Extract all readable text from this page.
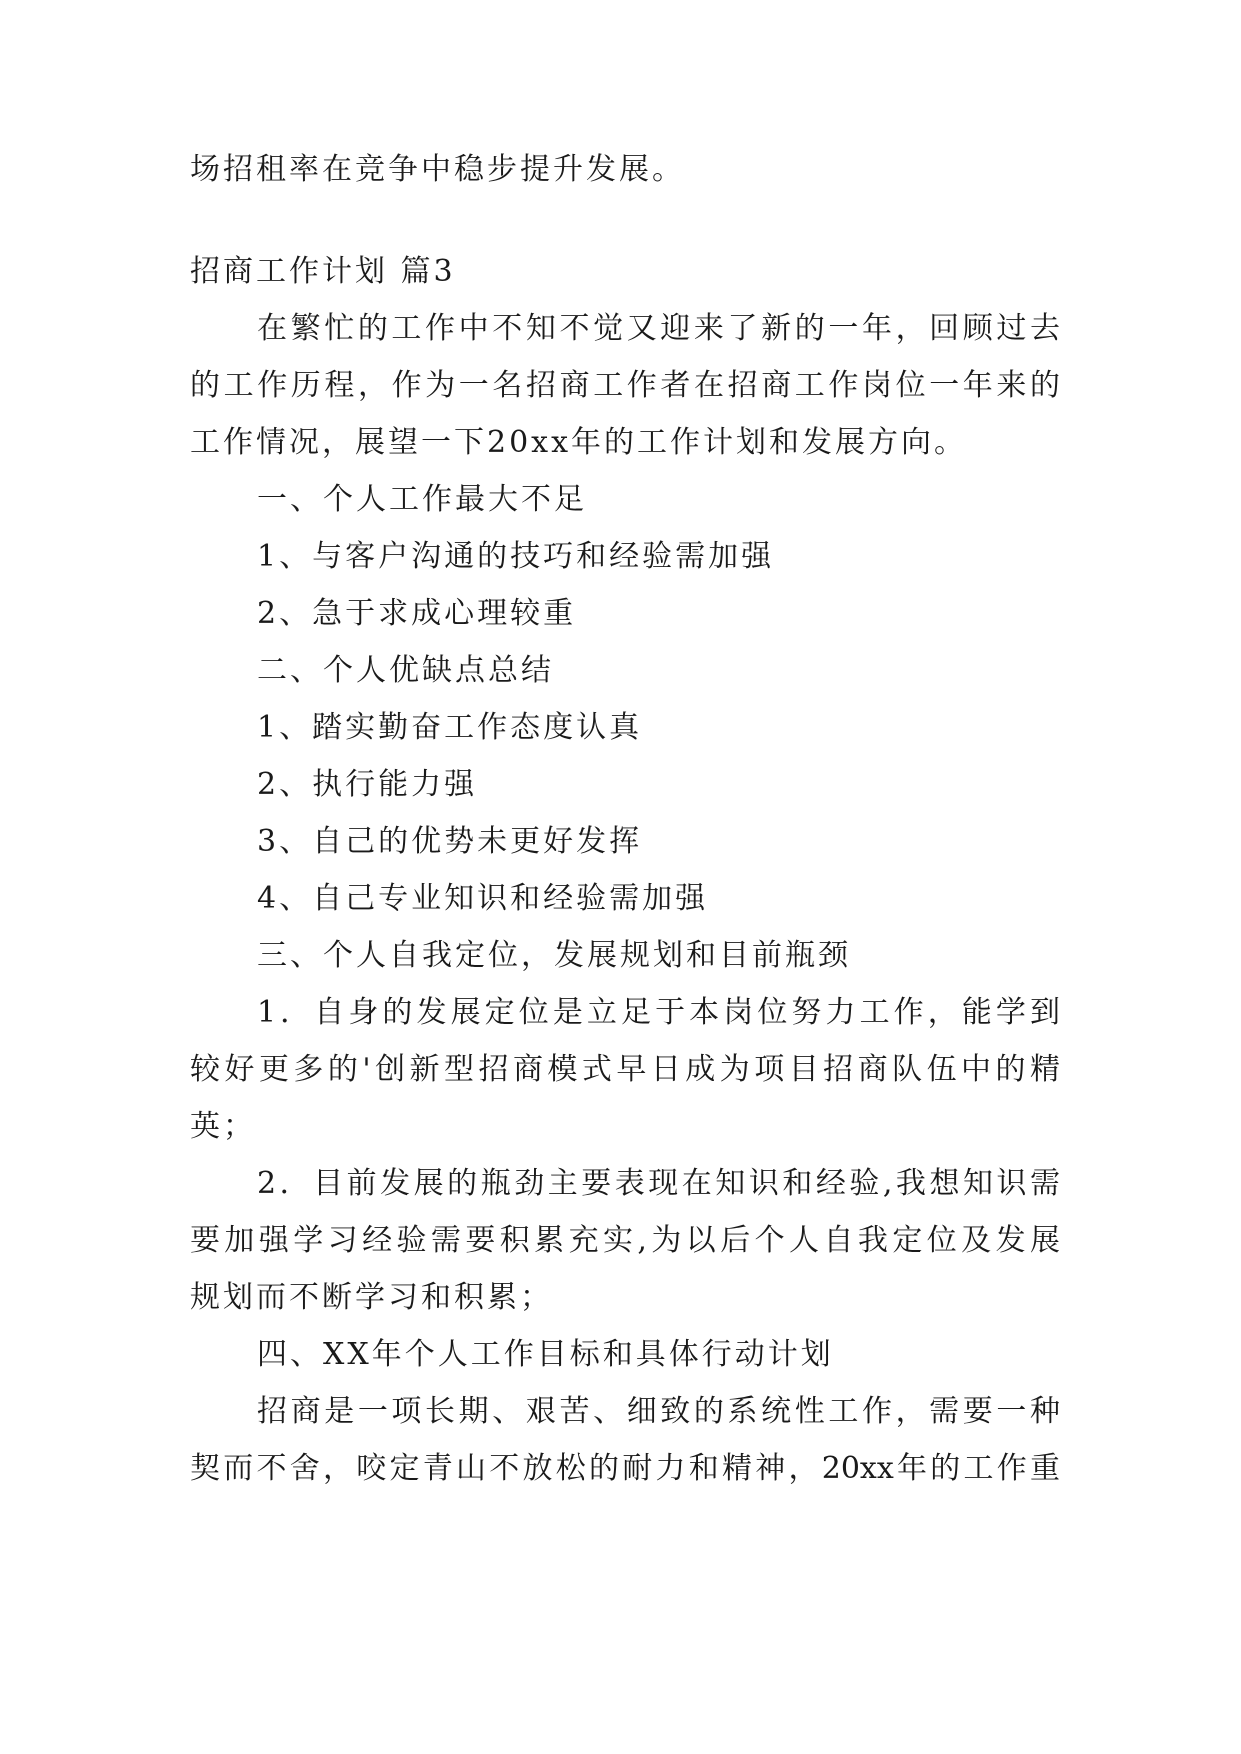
场招租率在竞争中稳步提升发展。
招商工作计划 篇3
在繁忙的工作中不知不觉又迎来了新的一年，回顾过去
的工作历程，作为一名招商工作者在招商工作岗位一年来的
工作情况，展望一下20xx年的工作计划和发展方向。
一、个人工作最大不足
1、与客户沟通的技巧和经验需加强
2、急于求成心理较重
二、个人优缺点总结
1、踏实勤奋工作态度认真
2、执行能力强
3、自己的优势未更好发挥
4、自己专业知识和经验需加强
三、个人自我定位，发展规划和目前瓶颈
1．自身的发展定位是立足于本岗位努力工作，能学到
较好更多的'创新型招商模式早日成为项目招商队伍中的精
英；
2．目前发展的瓶劲主要表现在知识和经验,我想知识需
要加强学习经验需要积累充实,为以后个人自我定位及发展
规划而不断学习和积累；
四、XX年个人工作目标和具体行动计划
招商是一项长期、艰苦、细致的系统性工作，需要一种
契而不舍，咬定青山不放松的耐力和精神，20xx年的工作重
